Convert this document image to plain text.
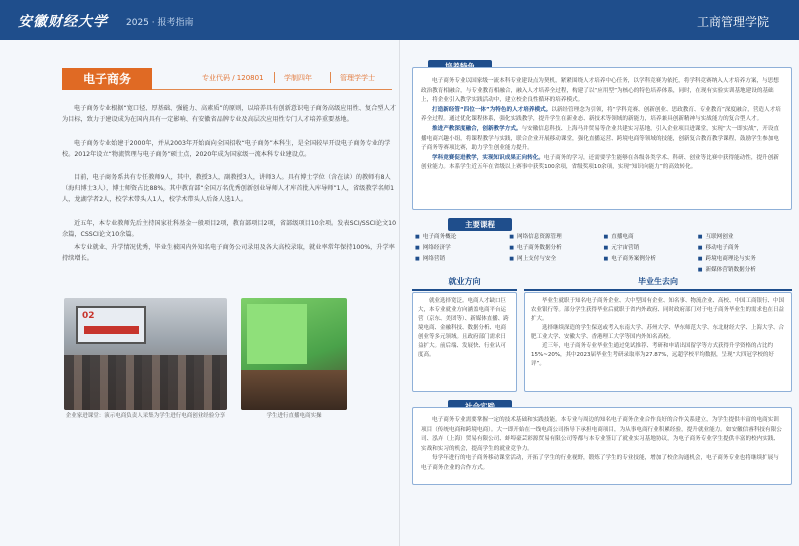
安徽财经大学 2025 · 报考指南	工商管理学院
电子商务	专业代码 / 120801	学制四年	管理学学士

电子商务专业根据“宽口径、厚基础、强能力、高素质”的原则，以培养具有创新意识电子商务高级应用性、复合型人才为目标，致力于建设成为在国内具有一定影响、有安徽省品牌专业及高层次应用性专门人才培养重要基地。

电子商务专业始建于2000年，并从2003年开始面向全国招收“电子商务”本科生，是全国较早开设电子商务专业的学校。2012年设立“物流管理与电子商务”硕士点，2020年成为国家级一流本科专业建设点。

目前，电子商务系共有专任教师9人，其中，教授3人，副教授3人，讲师3人。具有博士学位（含在读）的教师有8人（海归博士3人），博士师资占比88%。其中教育部“全国万名优秀创新创业导师人才库首批入库导师”1人，省级教学名师1人，龙湖学者2人，校学术带头人1人，校学术带头人后备人选1人。

近五年，本专业教师先后主持国家社科基金一般项目2项，教育部项目2项，省部级项目10余项。发表SCI/SSCI论文10余篇，CSSCI论文10余篇。

本专业就业、升学情况优秀，毕业生被国内外知名电子商务公司录用及各大高校录取，就业率常年保持100%，升学率持续增长。

02
企业家进课堂：演示电商负责人采集为学生进行电商创业经验分享	学生进行直播电商实操

电子商务专业以国家级一流本科专业建设点为契机，紧紧围绕人才培养中心任务，以学科竞赛为依托，将学科竞赛纳入人才培养方案，与思想政治教育相融合，与专业教育相融合，融入人才培养全过程，构建了以“应用型”为核心的特色培养体系，同时，在现有实验实训基地建设的基础上，将企业引入教学实践活动中，建立校企良性循环的培养模式。

打造新经管“四位一体”为特色的人才培养模式。以新经管理念为引领，将“学科竞赛、创新创业、思政教育、专业教育”深度融合，营造人才培养全过程。通过优化课程体系，强化实践教学，提升学生在新业态、新技术等领域的新能力，培养兼具创新精神与实战能力的复合型人才。

推进产教深度融合，创新教学方式。与安徽信息科技、上海马井贸易等企业共建实习基地，引入企业项目进课堂，实现“大一即实战”，开设直播电商兴趣小组，将课程教学与实践，联合企业开展移动课堂，强化直播运营、跨境电商等领域的技能，创新复合教育教学课程，鼓励学生参加电子商务等赛项比赛，助力学生创业能力提升。

学科竞赛促进教学，实现知识成果正向转化。电子商务的学习，还需要学生能够在各级各类学术、科研、创业等比赛中获得能动性，提升创新创业能力。本系学生近五年在省级以上赛事中获奖100余项，省级奖项10余项，实现“知识向能力”的高效转化。

主要课程
■ 电子商务概论	■ 网络信息资源管理	■ 直播电商	■ 互联网创业
■ 网络经济学	■ 电子商务数据分析	■ 元宇宙营销	■ 移动电子商务
■ 网络营销	■ 网上支付与安全	■ 电子商务案例分析	■ 跨境电商理论与实务
■ 新媒体营销数据分析
就业方向

就业选择宽泛。电商人才缺口巨大，本专业就业方向涵盖电商平台运营（京东、美团等）、新媒体直播、跨境电商、金融科技、数据分析、电商创业等多元领域。且政府部门需求日益扩大。前后端、发展快、行业认可度高。

毕业生去向

毕业生就职于知名电子商务企业、大中型国有企业、知名事、物流企业、高校、中国工商银行、中国农业银行等。部分学生获得毕业后就职于省内外政府、同时政府部门对于电子商务毕业生的需求也在日益扩大。

选择继续深造的学生保送或考入东南大学、苏州大学、华东师范大学、东北财经大学、上海大学、合肥工业大学、安徽大学、香港理工大学等国内外知名高校。

近三年，电子商务专业毕业生通过免试推荐、考研和申请出国留学等方式获得升学资格的占比约15%~20%，其中2023届毕业生考研录取率为27.87%，远超学校平均数据，呈现“大四冠学校的好评”。

电子商务专业需要掌握一定的技术基础和实践技能。本专业与周边的知名电子商务企业合作良好的合作关系建立，为学生提供丰富的电商实训项目（传统电商和跨境电商）。大一即开始在一线电商公司指导下承担电商项目，为从事电商行业积累经验，提升就业能力。如安徽信睿科技有限公司、泓卉（上海）贸易有限公司、蚌埠豪芸彩源贸易有限公司等都与本专业签订了就业实习基地协议，为电子商务专业学生提供丰富的校内实践、实战和实习的机会，提高学生的就业竞争力。

每学年进行的电子商务移动课堂活动，开拓了学生的行业视野，锻炼了学生的专业技能，增加了校企沟通机会，电子商务专业也将继续扩展与电子商务企业的合作方式。
